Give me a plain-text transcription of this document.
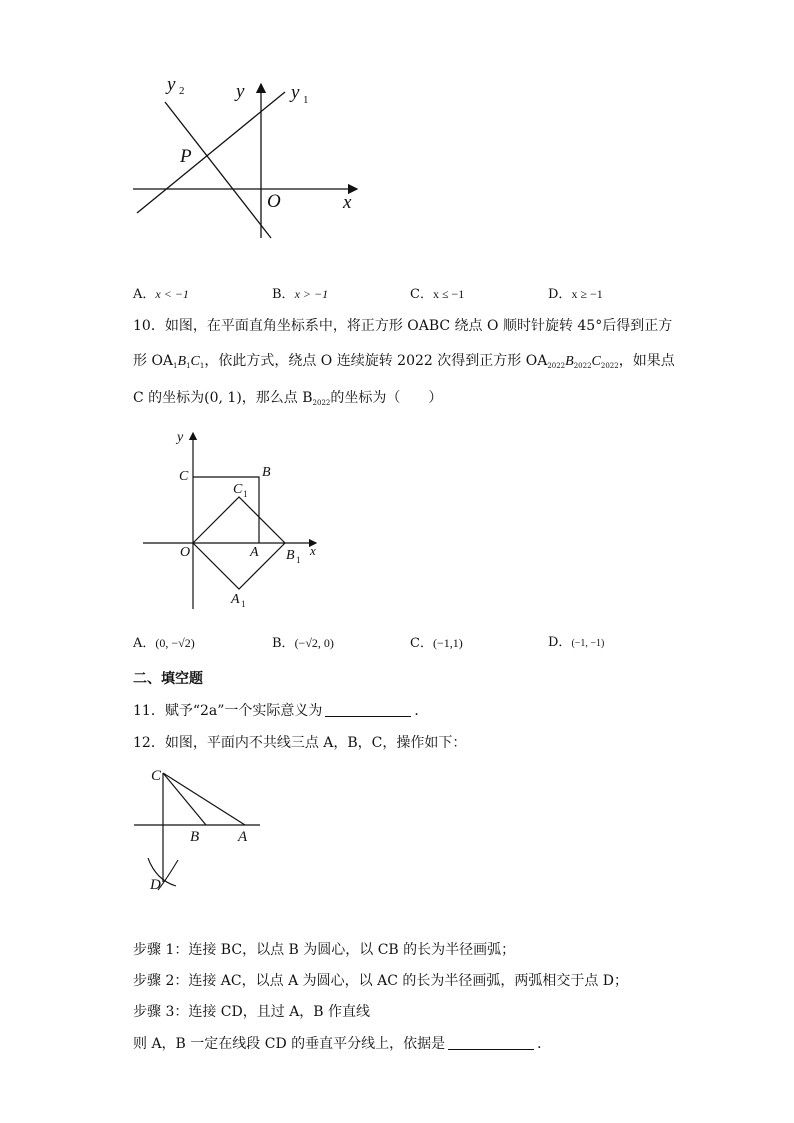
y 2	y y 1
P
O	x
A．x < −1	B．x > −1	C．x ≤ −1	D．x ≥ −1
10．如图，在平面直角坐标系中，将正方形 OABC 绕点 O 顺时针旋转 45°后得到正方
形 $OA_1B_1C_1$，依此方式，绕点 O 连续旋转 2022 次得到正方形 $OA_{2022}B_{2022}C_{2022}$，如果点
C 的坐标为(0, 1)，那么点 $B_{2022}$的坐标为（　　）
y
C	B
C 1
O	A B 1
x
A 1
A．(0, −√2)	B．(−√2, 0)	C．(−1,1)	D．(−1, −1)
二、填空题
11．赋予“2a”一个实际意义为	．
12．如图，平面内不共线三点 A，B，C，操作如下：
C
B	A
D
步骤 1：连接 BC，以点 B 为圆心，以 CB 的长为半径画弧；
步骤 2：连接 AC，以点 A 为圆心，以 AC 的长为半径画弧，两弧相交于点 D；
步骤 3：连接 CD，且过 A，B 作直线
则 A，B 一定在线段 CD 的垂直平分线上，依据是	．
